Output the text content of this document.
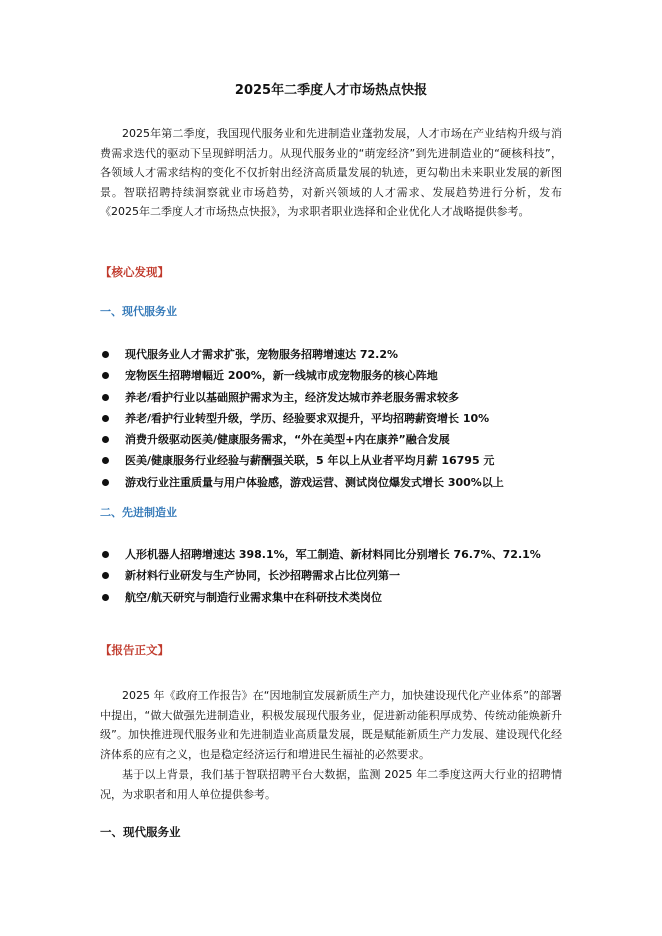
2025年二季度人才市场热点快报

2025年第二季度，我国现代服务业和先进制造业蓬勃发展，人才市场在产业结构升级与消费需求迭代的驱动下呈现鲜明活力。从现代服务业的“萌宠经济”到先进制造业的“硬核科技”，各领域人才需求结构的变化不仅折射出经济高质量发展的轨迹，更勾勒出未来职业发展的新图景。智联招聘持续洞察就业市场趋势，对新兴领域的人才需求、发展趋势进行分析，发布《2025年二季度人才市场热点快报》，为求职者职业选择和企业优化人才战略提供参考。

【核心发现】
一、现代服务业
现代服务业人才需求扩张，宠物服务招聘增速达 72.2%
宠物医生招聘增幅近 200%，新一线城市成宠物服务的核心阵地
养老/看护行业以基础照护需求为主，经济发达城市养老服务需求较多
养老/看护行业转型升级，学历、经验要求双提升，平均招聘薪资增长 10%
消费升级驱动医美/健康服务需求，“外在美型+内在康养”融合发展
医美/健康服务行业经验与薪酬强关联，5 年以上从业者平均月薪 16795 元
游戏行业注重质量与用户体验感，游戏运营、测试岗位爆发式增长 300%以上
二、先进制造业
人形机器人招聘增速达 398.1%，军工制造、新材料同比分别增长 76.7%、72.1%
新材料行业研发与生产协同，长沙招聘需求占比位列第一
航空/航天研究与制造行业需求集中在科研技术类岗位
【报告正文】

2025 年《政府工作报告》在“因地制宜发展新质生产力，加快建设现代化产业体系”的部署中提出，“做大做强先进制造业，积极发展现代服务业，促进新动能积厚成势、传统动能焕新升级”。加快推进现代服务业和先进制造业高质量发展，既是赋能新质生产力发展、建设现代化经济体系的应有之义，也是稳定经济运行和增进民生福祉的必然要求。

基于以上背景，我们基于智联招聘平台大数据，监测 2025 年二季度这两大行业的招聘情况，为求职者和用人单位提供参考。

一、现代服务业
